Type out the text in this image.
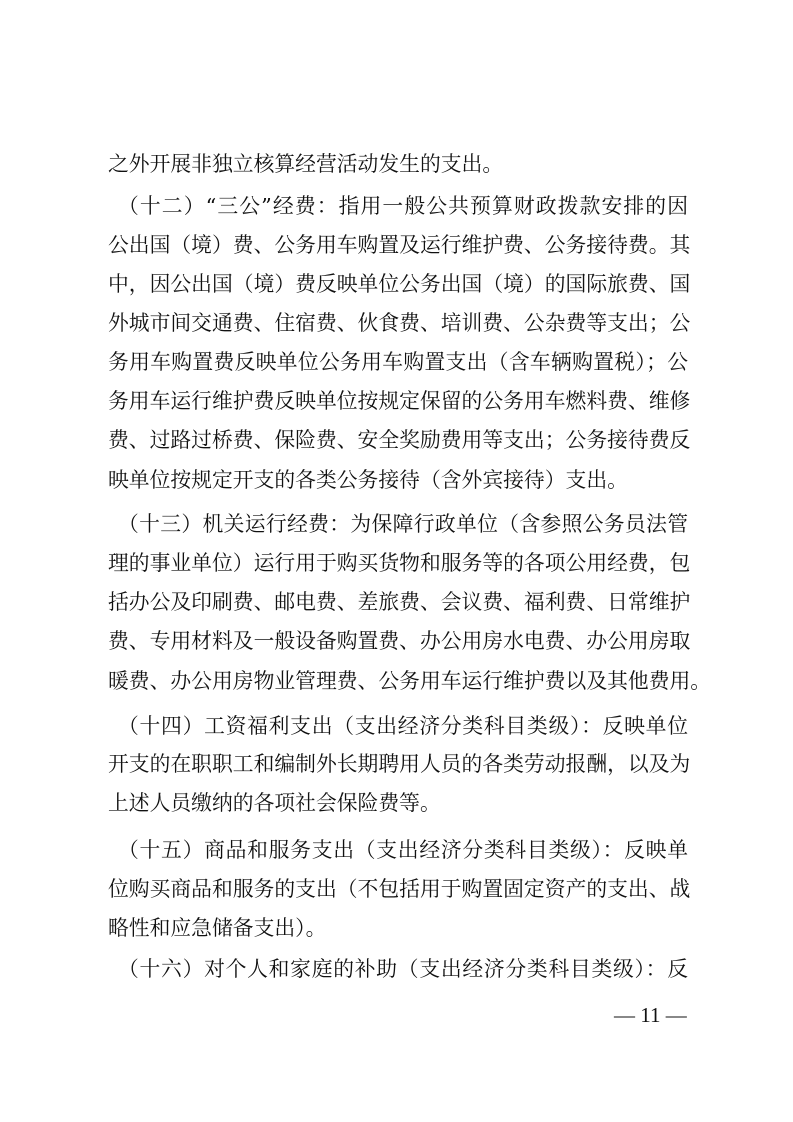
之外开展非独立核算经营活动发生的支出。
（十二）“三公”经费：指用一般公共预算财政拨款安排的因
公出国（境）费、公务用车购置及运行维护费、公务接待费。其
中，因公出国（境）费反映单位公务出国（境）的国际旅费、国
外城市间交通费、住宿费、伙食费、培训费、公杂费等支出；公
务用车购置费反映单位公务用车购置支出（含车辆购置税）；公
务用车运行维护费反映单位按规定保留的公务用车燃料费、维修
费、过路过桥费、保险费、安全奖励费用等支出；公务接待费反
映单位按规定开支的各类公务接待（含外宾接待）支出。
（十三）机关运行经费：为保障行政单位（含参照公务员法管
理的事业单位）运行用于购买货物和服务等的各项公用经费，包
括办公及印刷费、邮电费、差旅费、会议费、福利费、日常维护
费、专用材料及一般设备购置费、办公用房水电费、办公用房取
暖费、办公用房物业管理费、公务用车运行维护费以及其他费用。
（十四）工资福利支出（支出经济分类科目类级）：反映单位
开支的在职职工和编制外长期聘用人员的各类劳动报酬，以及为
上述人员缴纳的各项社会保险费等。
（十五）商品和服务支出（支出经济分类科目类级）：反映单
位购买商品和服务的支出（不包括用于购置固定资产的支出、战
略性和应急储备支出）。
（十六）对个人和家庭的补助（支出经济分类科目类级）：反
— 11 —
